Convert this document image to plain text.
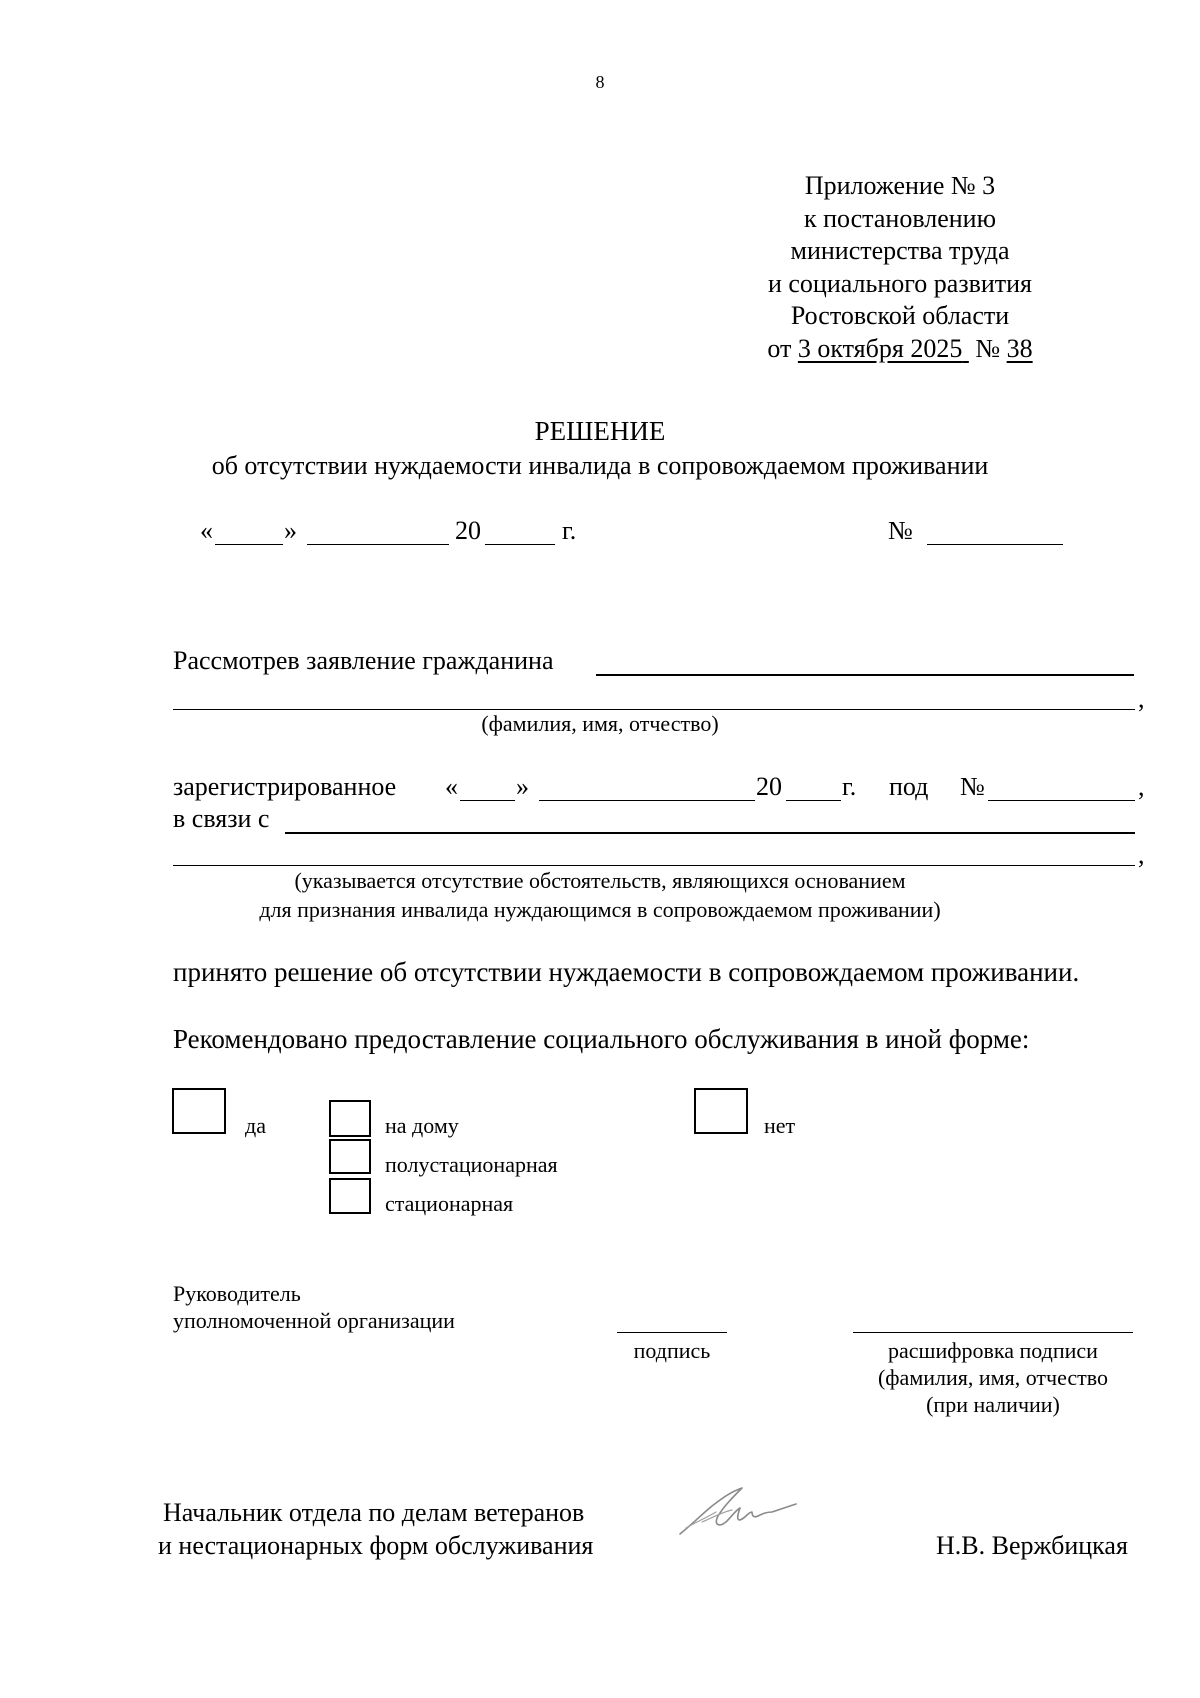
8
Приложение № 3
к постановлению
министерства труда
и социального развития
Ростовской области
от 3 октября 2025 № 38
РЕШЕНИЕ
об отсутствии нуждаемости инвалида в сопровождаемом проживании
«	»	20	г.	№
Рассмотрев заявление гражданина
,
(фамилия, имя, отчество)
зарегистрированное « »	20 г. под №	,
в связи с
,
(указывается отсутствие обстоятельств, являющихся основанием
для признания инвалида нуждающимся в сопровождаемом проживании)
принято решение об отсутствии нуждаемости в сопровождаемом проживании.
Рекомендовано предоставление социального обслуживания в иной форме:
да	на дому
полустационарная
стационарная
нет
Руководитель
уполномоченной организации
подпись	расшифровка подписи
(фамилия, имя, отчество
(при наличии)
Начальник отдела по делам ветеранов
и нестационарных форм обслуживания	Н.В. Вержбицкая
